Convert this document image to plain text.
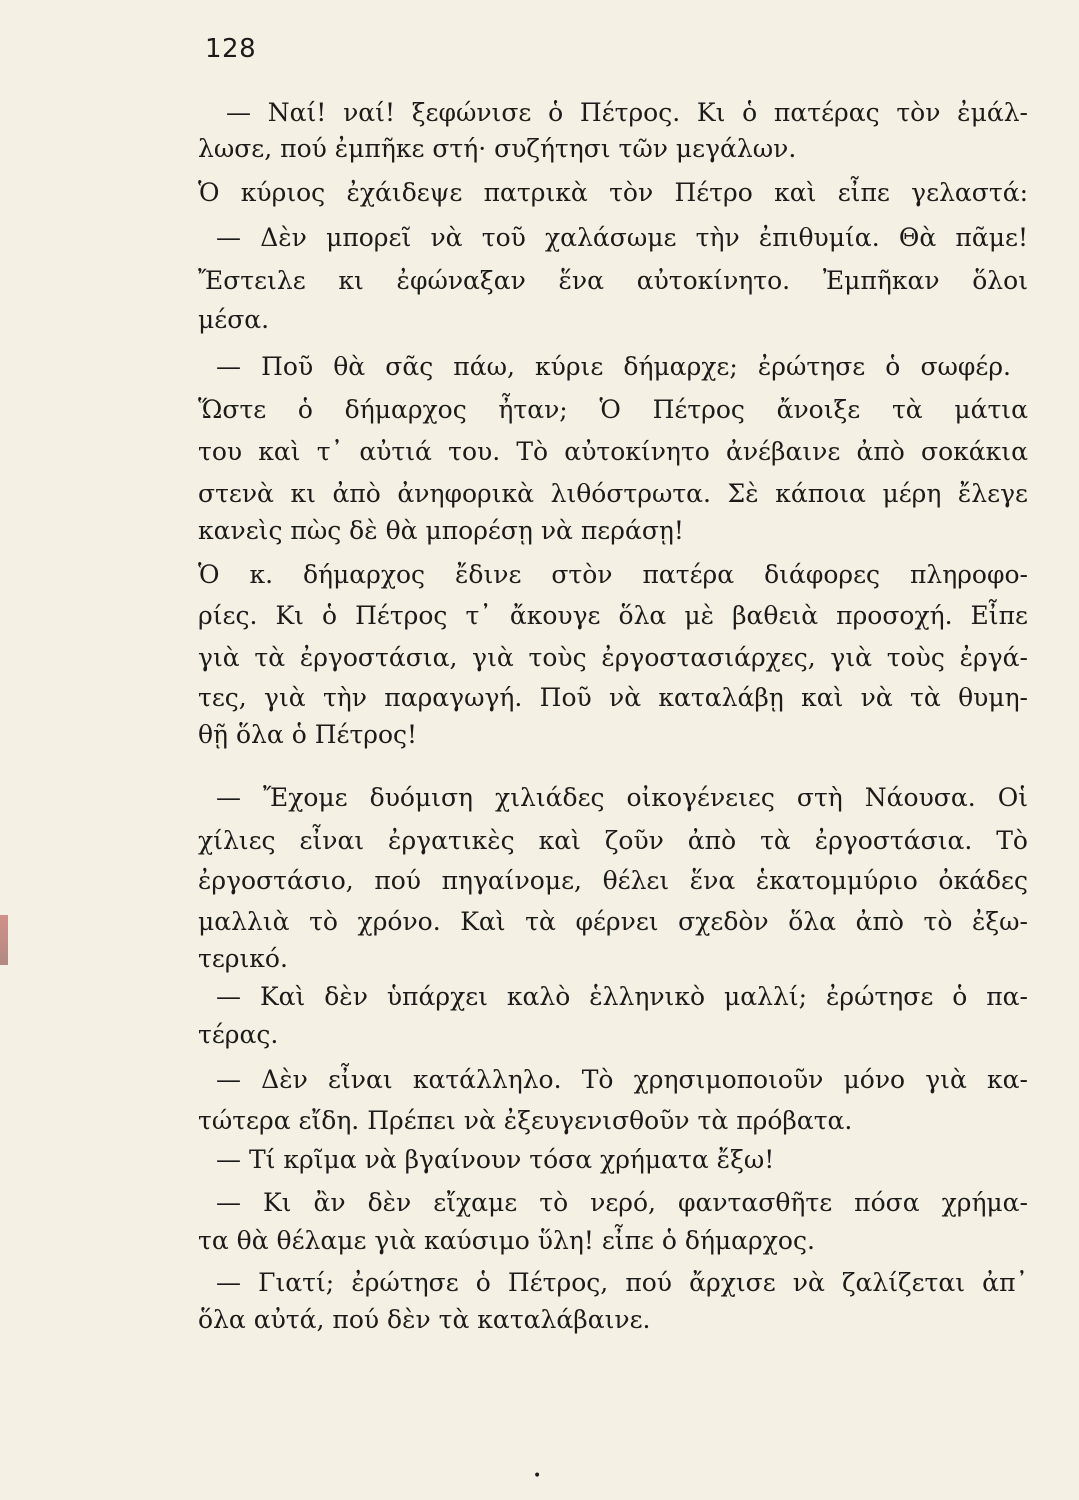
128
— Ναί! ναί! ξεφώνισε ὁ Πέτρος. Κι ὁ πατέρας τὸν ἐμάλ-
λωσε, πού ἐμπῆκε στή· συζήτησι τῶν μεγάλων.
Ὁ κύριος ἐχάιδεψε πατρικὰ τὸν Πέτρο καὶ εἶπε γελαστά:
— Δὲν μπορεῖ νὰ τοῦ χαλάσωμε τὴν ἐπιθυμία. Θὰ πᾶμε!
Ἔστειλε κι ἐφώναξαν ἕνα αὐτοκίνητο. Ἐμπῆκαν ὅλοι
μέσα.
— Ποῦ θὰ σᾶς πάω, κύριε δήμαρχε; ἐρώτησε ὁ σωφέρ.
Ὥστε ὁ δήμαρχος ἦταν; Ὁ Πέτρος ἄνοιξε τὰ μάτια
του καὶ τ᾽ αὐτιά του. Τὸ αὐτοκίνητο ἀνέβαινε ἀπὸ σοκάκια
στενὰ κι ἀπὸ ἀνηφορικὰ λιθόστρωτα. Σὲ κάποια μέρη ἔλεγε
κανεὶς πὼς δὲ θὰ μπορέσῃ νὰ περάσῃ!
Ὁ κ. δήμαρχος ἔδινε στὸν πατέρα διάφορες πληροφο-
ρίες. Κι ὁ Πέτρος τ᾽ ἄκουγε ὅλα μὲ βαθειὰ προσοχή. Εἶπε
γιὰ τὰ ἐργοστάσια, γιὰ τοὺς ἐργοστασιάρχες, γιὰ τοὺς ἐργά-
τες, γιὰ τὴν παραγωγή. Ποῦ νὰ καταλάβῃ καὶ νὰ τὰ θυμη-
θῇ ὅλα ὁ Πέτρος!
— Ἔχομε δυόμιση χιλιάδες οἰκογένειες στὴ Νάουσα. Οἱ
χίλιες εἶναι ἐργατικὲς καὶ ζοῦν ἀπὸ τὰ ἐργοστάσια. Τὸ
ἐργοστάσιο, πού πηγαίνομε, θέλει ἕνα ἑκατομμύριο ὀκάδες
μαλλιὰ τὸ χρόνο. Καὶ τὰ φέρνει σχεδὸν ὅλα ἀπὸ τὸ ἐξω-
τερικό.
— Καὶ δὲν ὑπάρχει καλὸ ἑλληνικὸ μαλλί; ἐρώτησε ὁ πα-
τέρας.
— Δὲν εἶναι κατάλληλο. Τὸ χρησιμοποιοῦν μόνο γιὰ κα-
τώτερα εἴδη. Πρέπει νὰ ἐξευγενισθοῦν τὰ πρόβατα.
— Τί κρῖμα νὰ βγαίνουν τόσα χρήματα ἔξω!
— Κι ἂν δὲν εἴχαμε τὸ νερό, φαντασθῆτε πόσα χρήμα-
τα θὰ θέλαμε γιὰ καύσιμο ὕλη! εἶπε ὁ δήμαρχος.
— Γιατί; ἐρώτησε ὁ Πέτρος, πού ἄρχισε νὰ ζαλίζεται ἀπ᾽
ὅλα αὐτά, πού δὲν τὰ καταλάβαινε.
•
